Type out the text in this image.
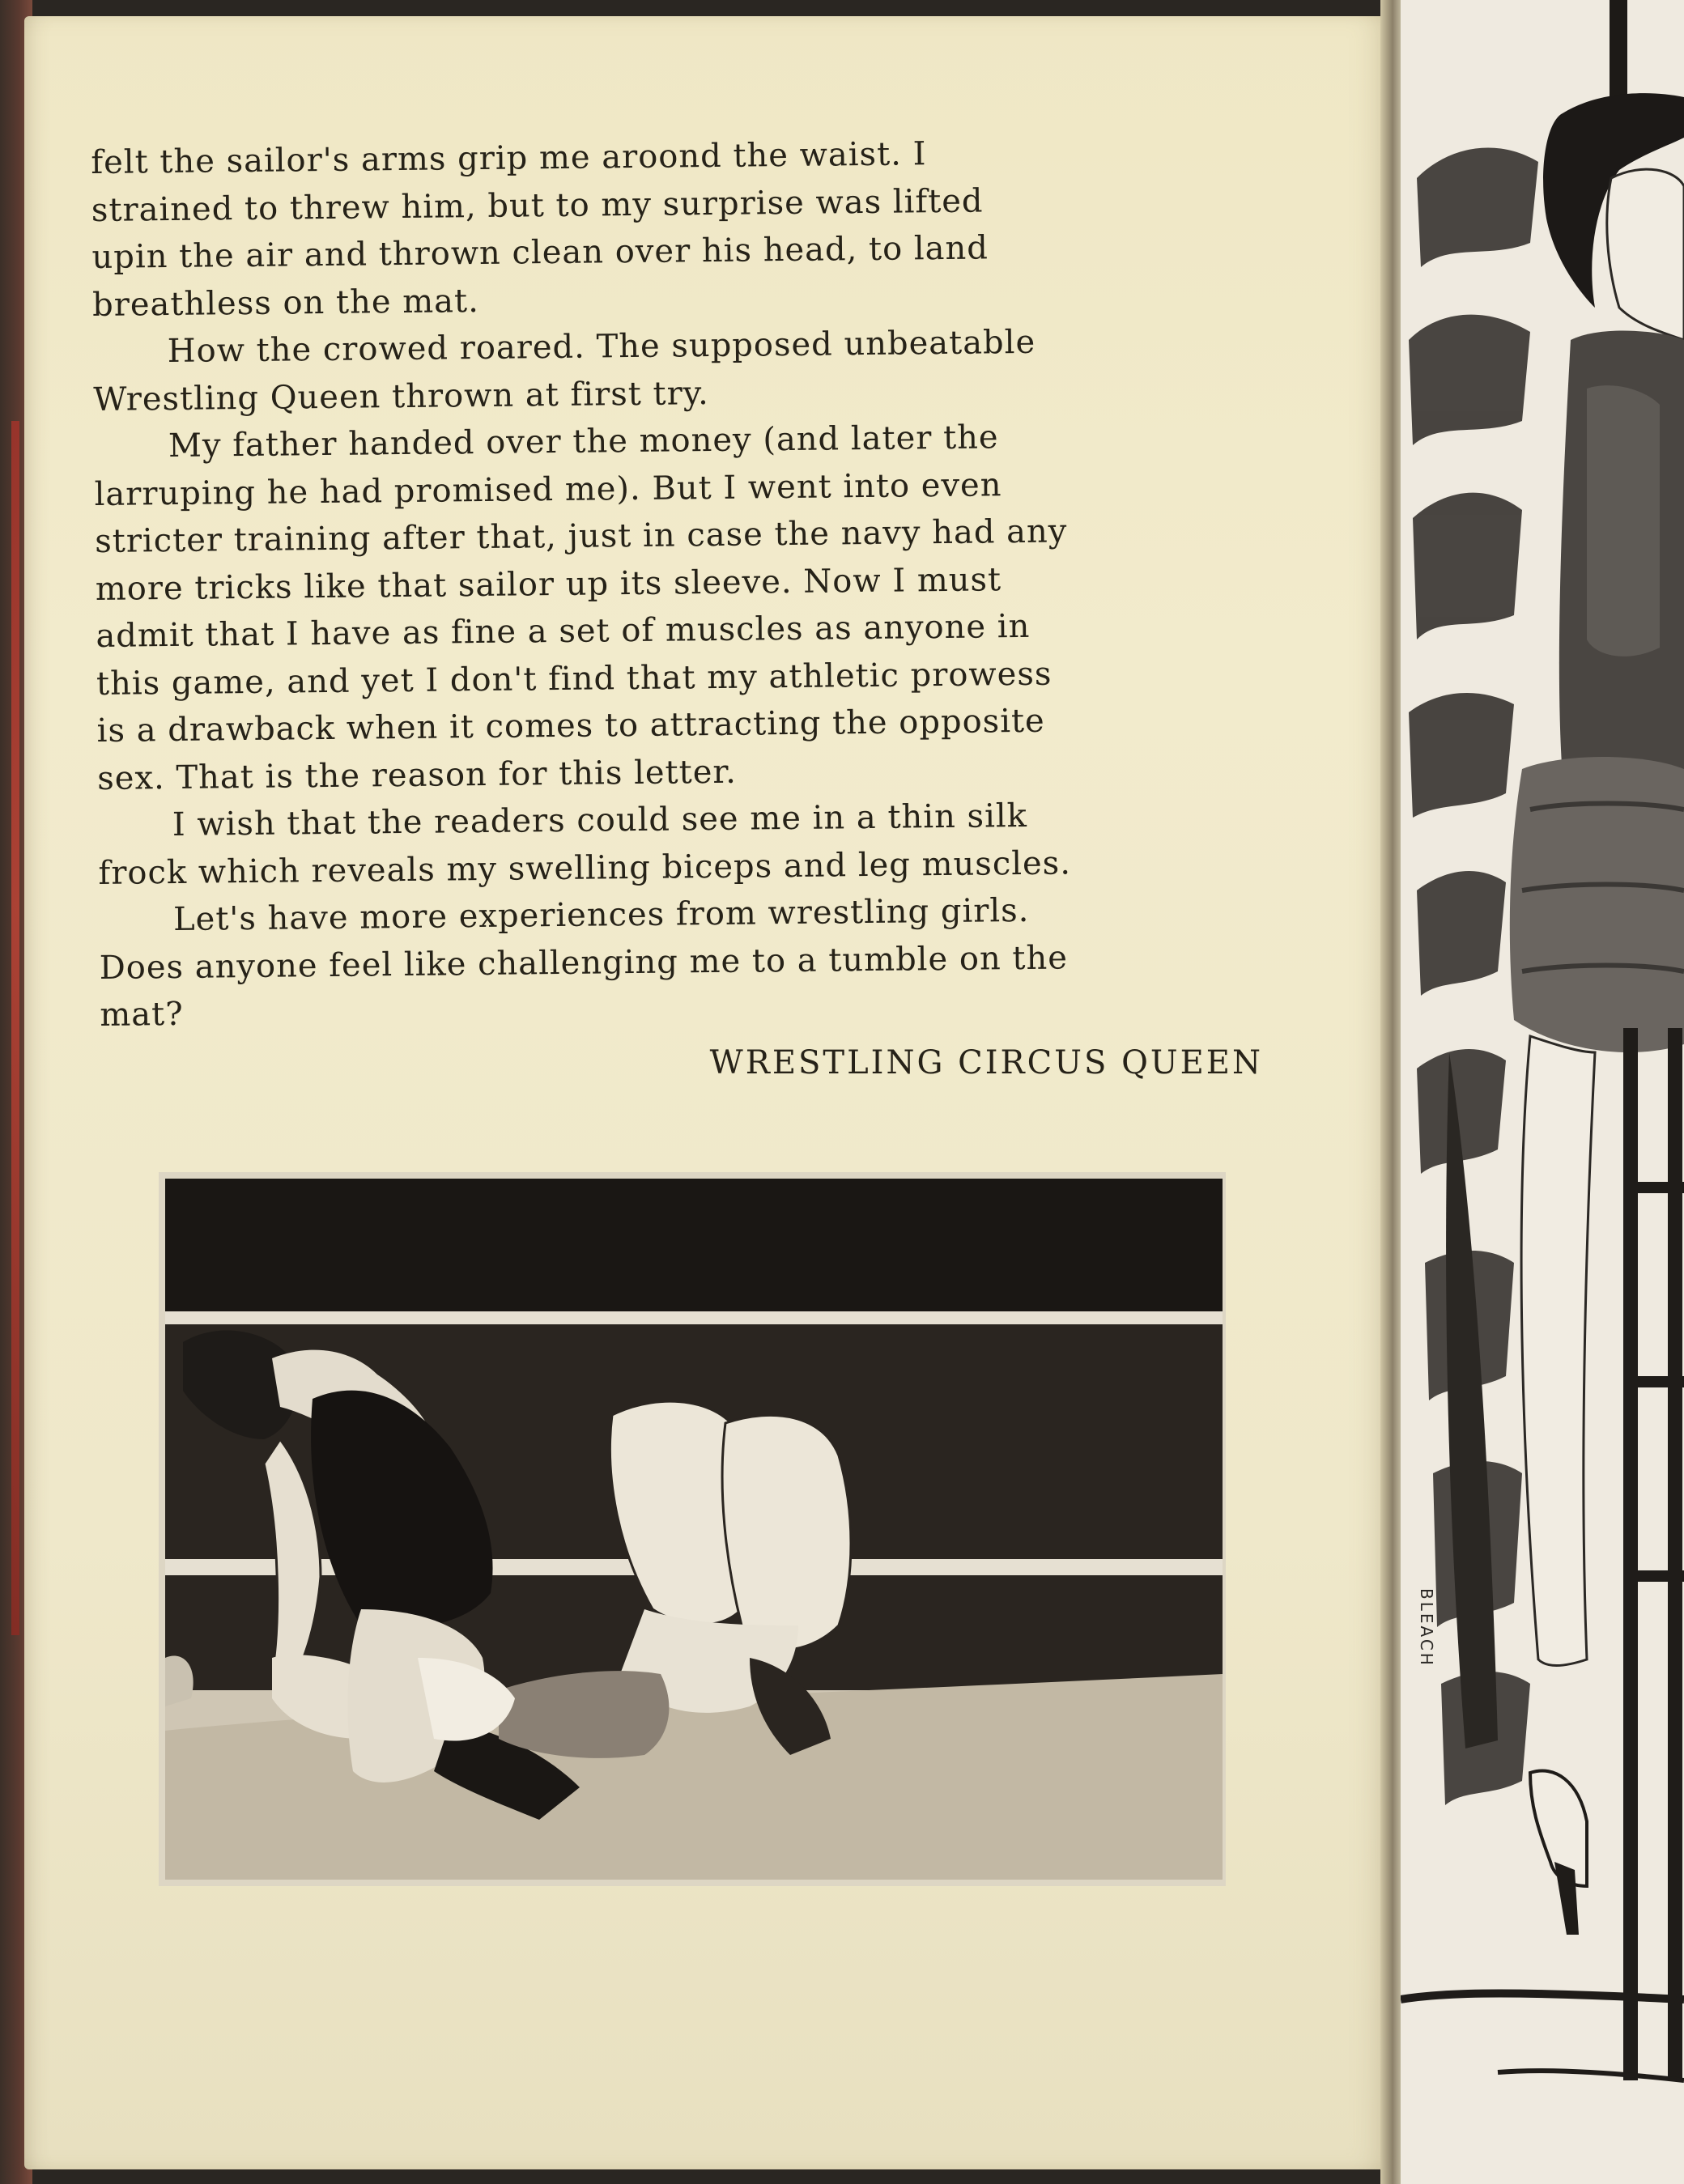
BLEACH
felt the sailor's arms grip me aroond the waist. I
strained to threw him, but to my surprise was lifted
upin the air and thrown clean over his head, to land
breathless on the mat.
How the crowed roared. The supposed unbeatable
Wrestling Queen thrown at first try.
My father handed over the money (and later the
larruping he had promised me). But I went into even
stricter training after that, just in case the navy had any
more tricks like that sailor up its sleeve. Now I must
admit that I have as fine a set of muscles as anyone in
this game, and yet I don't find that my athletic prowess
is a drawback when it comes to attracting the opposite
sex. That is the reason for this letter.
I wish that the readers could see me in a thin silk
frock which reveals my swelling biceps and leg muscles.
Let's have more experiences from wrestling girls.
Does anyone feel like challenging me to a tumble on the
mat?
WRESTLING CIRCUS QUEEN
